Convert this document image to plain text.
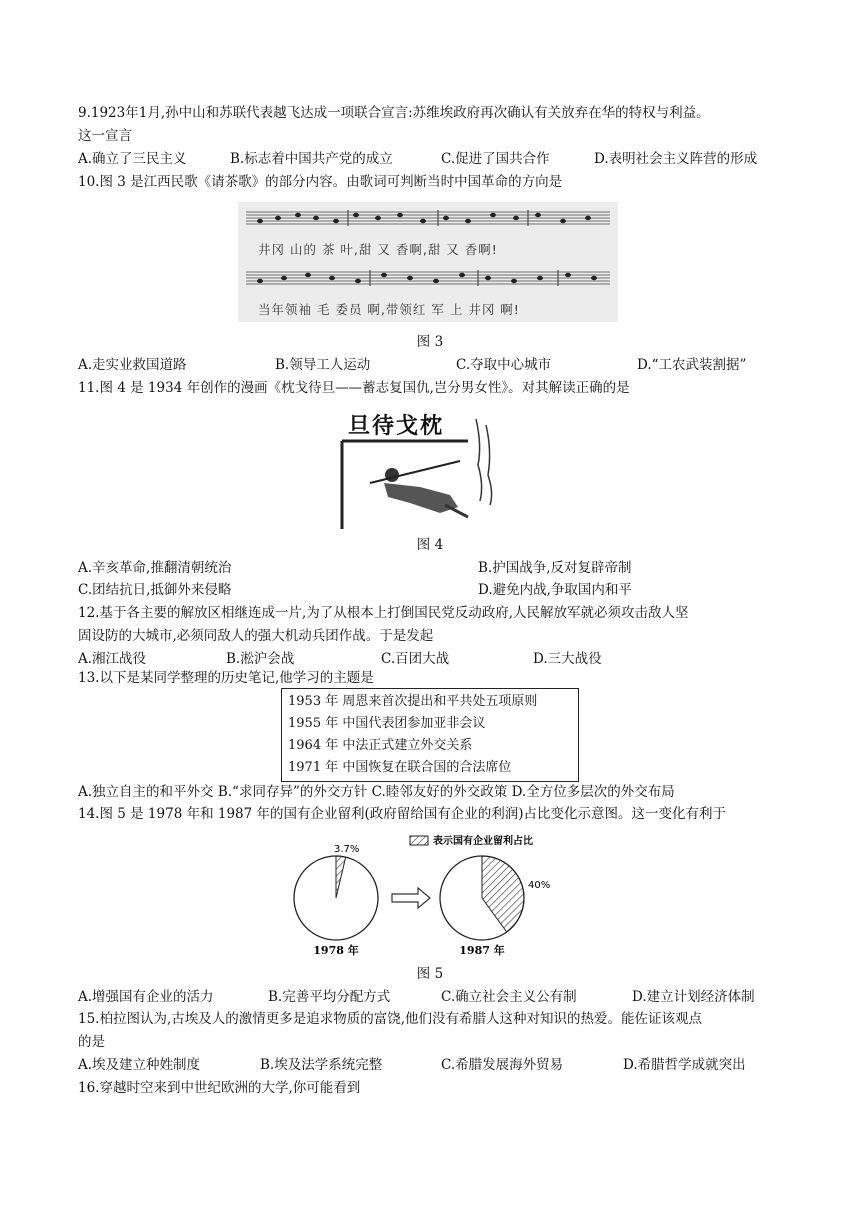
9.1923年1月,孙中山和苏联代表越飞达成一项联合宣言:苏维埃政府再次确认有关放弃在华的特权与利益。
这一宣言
A.确立了三民主义	B.标志着中国共产党的成立	C.促进了国共合作	D.表明社会主义阵营的形成
10.图 3 是江西民歌《请茶歌》的部分内容。由歌词可判断当时中国革命的方向是
井冈 山的 茶 叶,甜 又 香啊,甜 又 香啊!
当年领袖 毛 委员 啊,带领红 军 上 井冈 啊!
图 3
A.走实业救国道路	B.领导工人运动	C.夺取中心城市	D.“工农武装割据”
11.图 4 是 1934 年创作的漫画《枕戈待旦——蓄志复国仇,岂分男女性》。对其解读正确的是
旦待戈枕
图 4
A.辛亥革命,推翻清朝统治	B.护国战争,反对复辟帝制
C.团结抗日,抵御外来侵略	D.避免内战,争取国内和平
12.基于各主要的解放区相继连成一片,为了从根本上打倒国民党反动政府,人民解放军就必须攻击敌人坚
固设防的大城市,必须同敌人的强大机动兵团作战。于是发起
A.湘江战役	B.淞沪会战	C.百团大战	D.三大战役
13.以下是某同学整理的历史笔记,他学习的主题是
1953 年 周恩来首次提出和平共处五项原则
1955 年 中国代表团参加亚非会议
1964 年 中法正式建立外交关系
1971 年 中国恢复在联合国的合法席位
A.独立自主的和平外交 B.“求同存异”的外交方针 C.睦邻友好的外交政策 D.全方位多层次的外交布局
14.图 5 是 1978 年和 1987 年的国有企业留利(政府留给国有企业的利润)占比变化示意图。这一变化有利于
表示国有企业留利占比
3.7%
40%
1978 年	1987 年
图 5
A.增强国有企业的活力	B.完善平均分配方式	C.确立社会主义公有制	D.建立计划经济体制
15.柏拉图认为,古埃及人的激情更多是追求物质的富饶,他们没有希腊人这种对知识的热爱。能佐证该观点
的是
A.埃及建立种姓制度	B.埃及法学系统完整	C.希腊发展海外贸易	D.希腊哲学成就突出
16.穿越时空来到中世纪欧洲的大学,你可能看到
